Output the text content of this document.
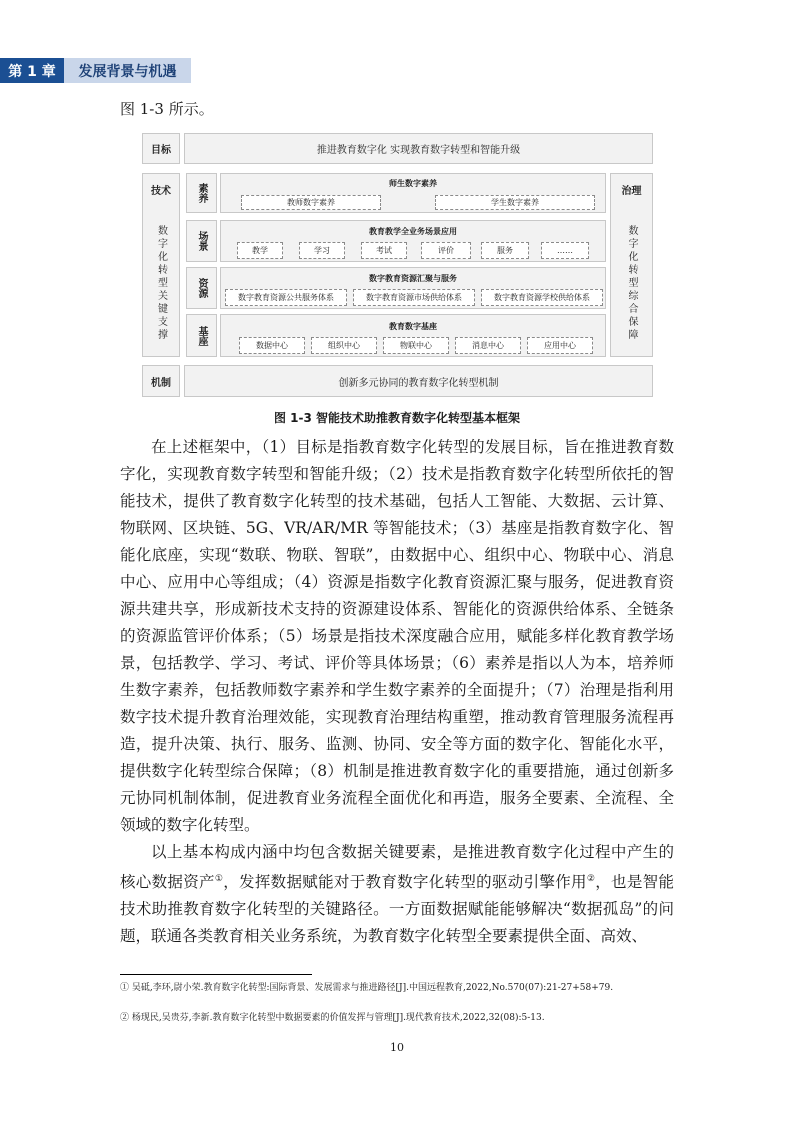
第 1 章	发展背景与机遇
图 1-3 所示。
目标	推进教育数字化 实现教育数字转型和智能升级
技术
数字化转型关键支撑
治理
数字化转型综合保障
素养
场景
资源
基座
师生数字素养
教师数字素养	学生数字素养
教育教学全业务场景应用
教学	学习	考试	评价	服务	……
数字教育资源汇聚与服务
数字教育资源公共服务体系	数字教育资源市场供给体系	数字教育资源学校供给体系
教育数字基座
数据中心	组织中心	物联中心	消息中心	应用中心
机制	创新多元协同的教育数字化转型机制
图 1-3 智能技术助推教育数字化转型基本框架
在上述框架中，（1）目标是指教育数字化转型的发展目标，旨在推进教育数字化，实现教育数字转型和智能升级；（2）技术是指教育数字化转型所依托的智能技术，提供了教育数字化转型的技术基础，包括人工智能、大数据、云计算、物联网、区块链、5G、VR/AR/MR 等智能技术；（3）基座是指教育数字化、智能化底座，实现“数联、物联、智联”，由数据中心、组织中心、物联中心、消息中心、应用中心等组成；（4）资源是指数字化教育资源汇聚与服务，促进教育资源共建共享，形成新技术支持的资源建设体系、智能化的资源供给体系、全链条的资源监管评价体系；（5）场景是指技术深度融合应用，赋能多样化教育教学场景，包括教学、学习、考试、评价等具体场景；（6）素养是指以人为本，培养师生数字素养，包括教师数字素养和学生数字素养的全面提升；（7）治理是指利用数字技术提升教育治理效能，实现教育治理结构重塑，推动教育管理服务流程再造，提升决策、执行、服务、监测、协同、安全等方面的数字化、智能化水平，提供数字化转型综合保障；（8）机制是推进教育数字化的重要措施，通过创新多元协同机制体制，促进教育业务流程全面优化和再造，服务全要素、全流程、全领域的数字化转型。
以上基本构成内涵中均包含数据关键要素，是推进教育数字化过程中产生的核心数据资产①，发挥数据赋能对于教育数字化转型的驱动引擎作用②，也是智能技术助推教育数字化转型的关键路径。一方面数据赋能能够解决“数据孤岛”的问题，联通各类教育相关业务系统，为教育数字化转型全要素提供全面、高效、
① 吴砥,李环,尉小荣.教育数字化转型:国际背景、发展需求与推进路径[J].中国远程教育,2022,No.570(07):21-27+58+79.
② 杨现民,吴贵芬,李新.教育数字化转型中数据要素的价值发挥与管理[J].现代教育技术,2022,32(08):5-13.
10
